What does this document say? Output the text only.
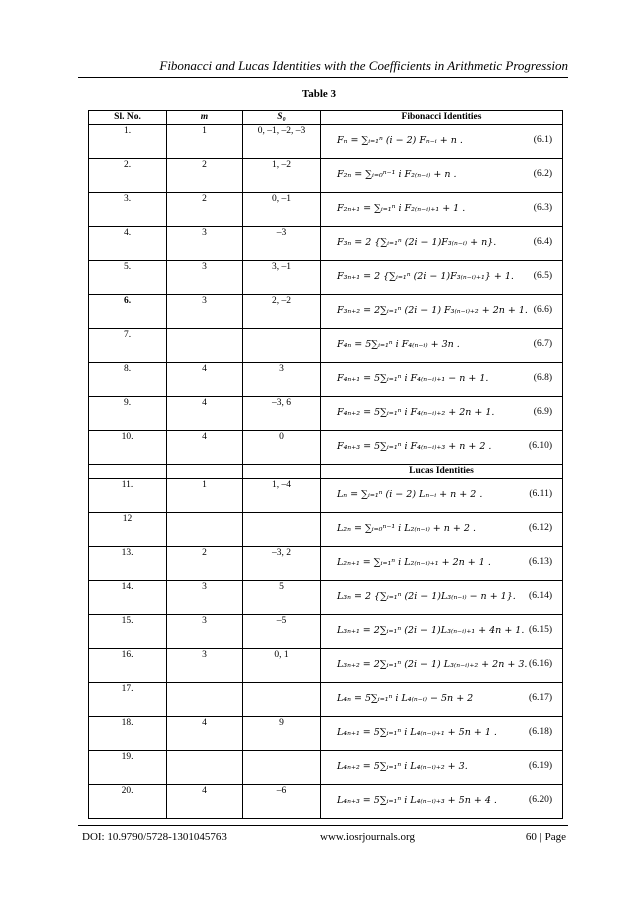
Fibonacci and Lucas Identities with the Coefficients in Arithmetic Progression
Table 3
Sl. No.	m	S₀	Fibonacci Identities
1.	1	0, –1, –2, –3	Fₙ = ∑ᵢ₌₁ⁿ (i − 2) Fₙ₋ᵢ + n . (6.1)

2.	2	1, –2	F₂ₙ = ∑ᵢ₌₀ⁿ⁻¹ i F₂₍ₙ₋ᵢ₎ + n . (6.2)

3.	2	0, –1	F₂ₙ₊₁ = ∑ᵢ₌₁ⁿ i F₂₍ₙ₋ᵢ₎₊₁ + 1 . (6.3)

4.	3	–3	F₃ₙ = 2 {∑ᵢ₌₁ⁿ (2i − 1)F₃₍ₙ₋ᵢ₎ + n}. (6.4)

5.	3	3, –1	F₃ₙ₊₁ = 2 {∑ᵢ₌₁ⁿ (2i − 1)F₃₍ₙ₋ᵢ₎₊₁} + 1. (6.5)

6.	3	2, –2	F₃ₙ₊₂ = 2∑ᵢ₌₁ⁿ (2i − 1) F₃₍ₙ₋ᵢ₎₊₂ + 2n + 1. (6.6)

7.			F₄ₙ = 5∑ᵢ₌₁ⁿ i F₄₍ₙ₋ᵢ₎ + 3n . (6.7)

8.	4	3	F₄ₙ₊₁ = 5∑ᵢ₌₁ⁿ i F₄₍ₙ₋ᵢ₎₊₁ − n + 1. (6.8)

9.	4	–3, 6	F₄ₙ₊₂ = 5∑ᵢ₌₁ⁿ i F₄₍ₙ₋ᵢ₎₊₂ + 2n + 1. (6.9)

10.	4	0	F₄ₙ₊₃ = 5∑ᵢ₌₁ⁿ i F₄₍ₙ₋ᵢ₎₊₃ + n + 2 . (6.10)

			Lucas Identities
11.	1	1, –4	Lₙ = ∑ᵢ₌₁ⁿ (i − 2) Lₙ₋ᵢ + n + 2 . (6.11)

12			L₂ₙ = ∑ᵢ₌₀ⁿ⁻¹ i L₂₍ₙ₋ᵢ₎ + n + 2 . (6.12)

13.	2	–3, 2	L₂ₙ₊₁ = ∑ᵢ₌₁ⁿ i L₂₍ₙ₋ᵢ₎₊₁ + 2n + 1 . (6.13)

14.	3	5	L₃ₙ = 2 {∑ᵢ₌₁ⁿ (2i − 1)L₃₍ₙ₋ᵢ₎ − n + 1}. (6.14)

15.	3	–5	L₃ₙ₊₁ = 2∑ᵢ₌₁ⁿ (2i − 1)L₃₍ₙ₋ᵢ₎₊₁ + 4n + 1. (6.15)

16.	3	0, 1	L₃ₙ₊₂ = 2∑ᵢ₌₁ⁿ (2i − 1) L₃₍ₙ₋ᵢ₎₊₂ + 2n + 3. (6.16)

17.			L₄ₙ = 5∑ᵢ₌₁ⁿ i L₄₍ₙ₋ᵢ₎ − 5n + 2 (6.17)

18.	4	9	L₄ₙ₊₁ = 5∑ᵢ₌₁ⁿ i L₄₍ₙ₋ᵢ₎₊₁ + 5n + 1 . (6.18)

19.			L₄ₙ₊₂ = 5∑ᵢ₌₁ⁿ i L₄₍ₙ₋ᵢ₎₊₂ + 3. (6.19)

20.	4	–6	L₄ₙ₊₃ = 5∑ᵢ₌₁ⁿ i L₄₍ₙ₋ᵢ₎₊₃ + 5n + 4 . (6.20)
DOI: 10.9790/5728-1301045763	www.iosrjournals.org	60 | Page
